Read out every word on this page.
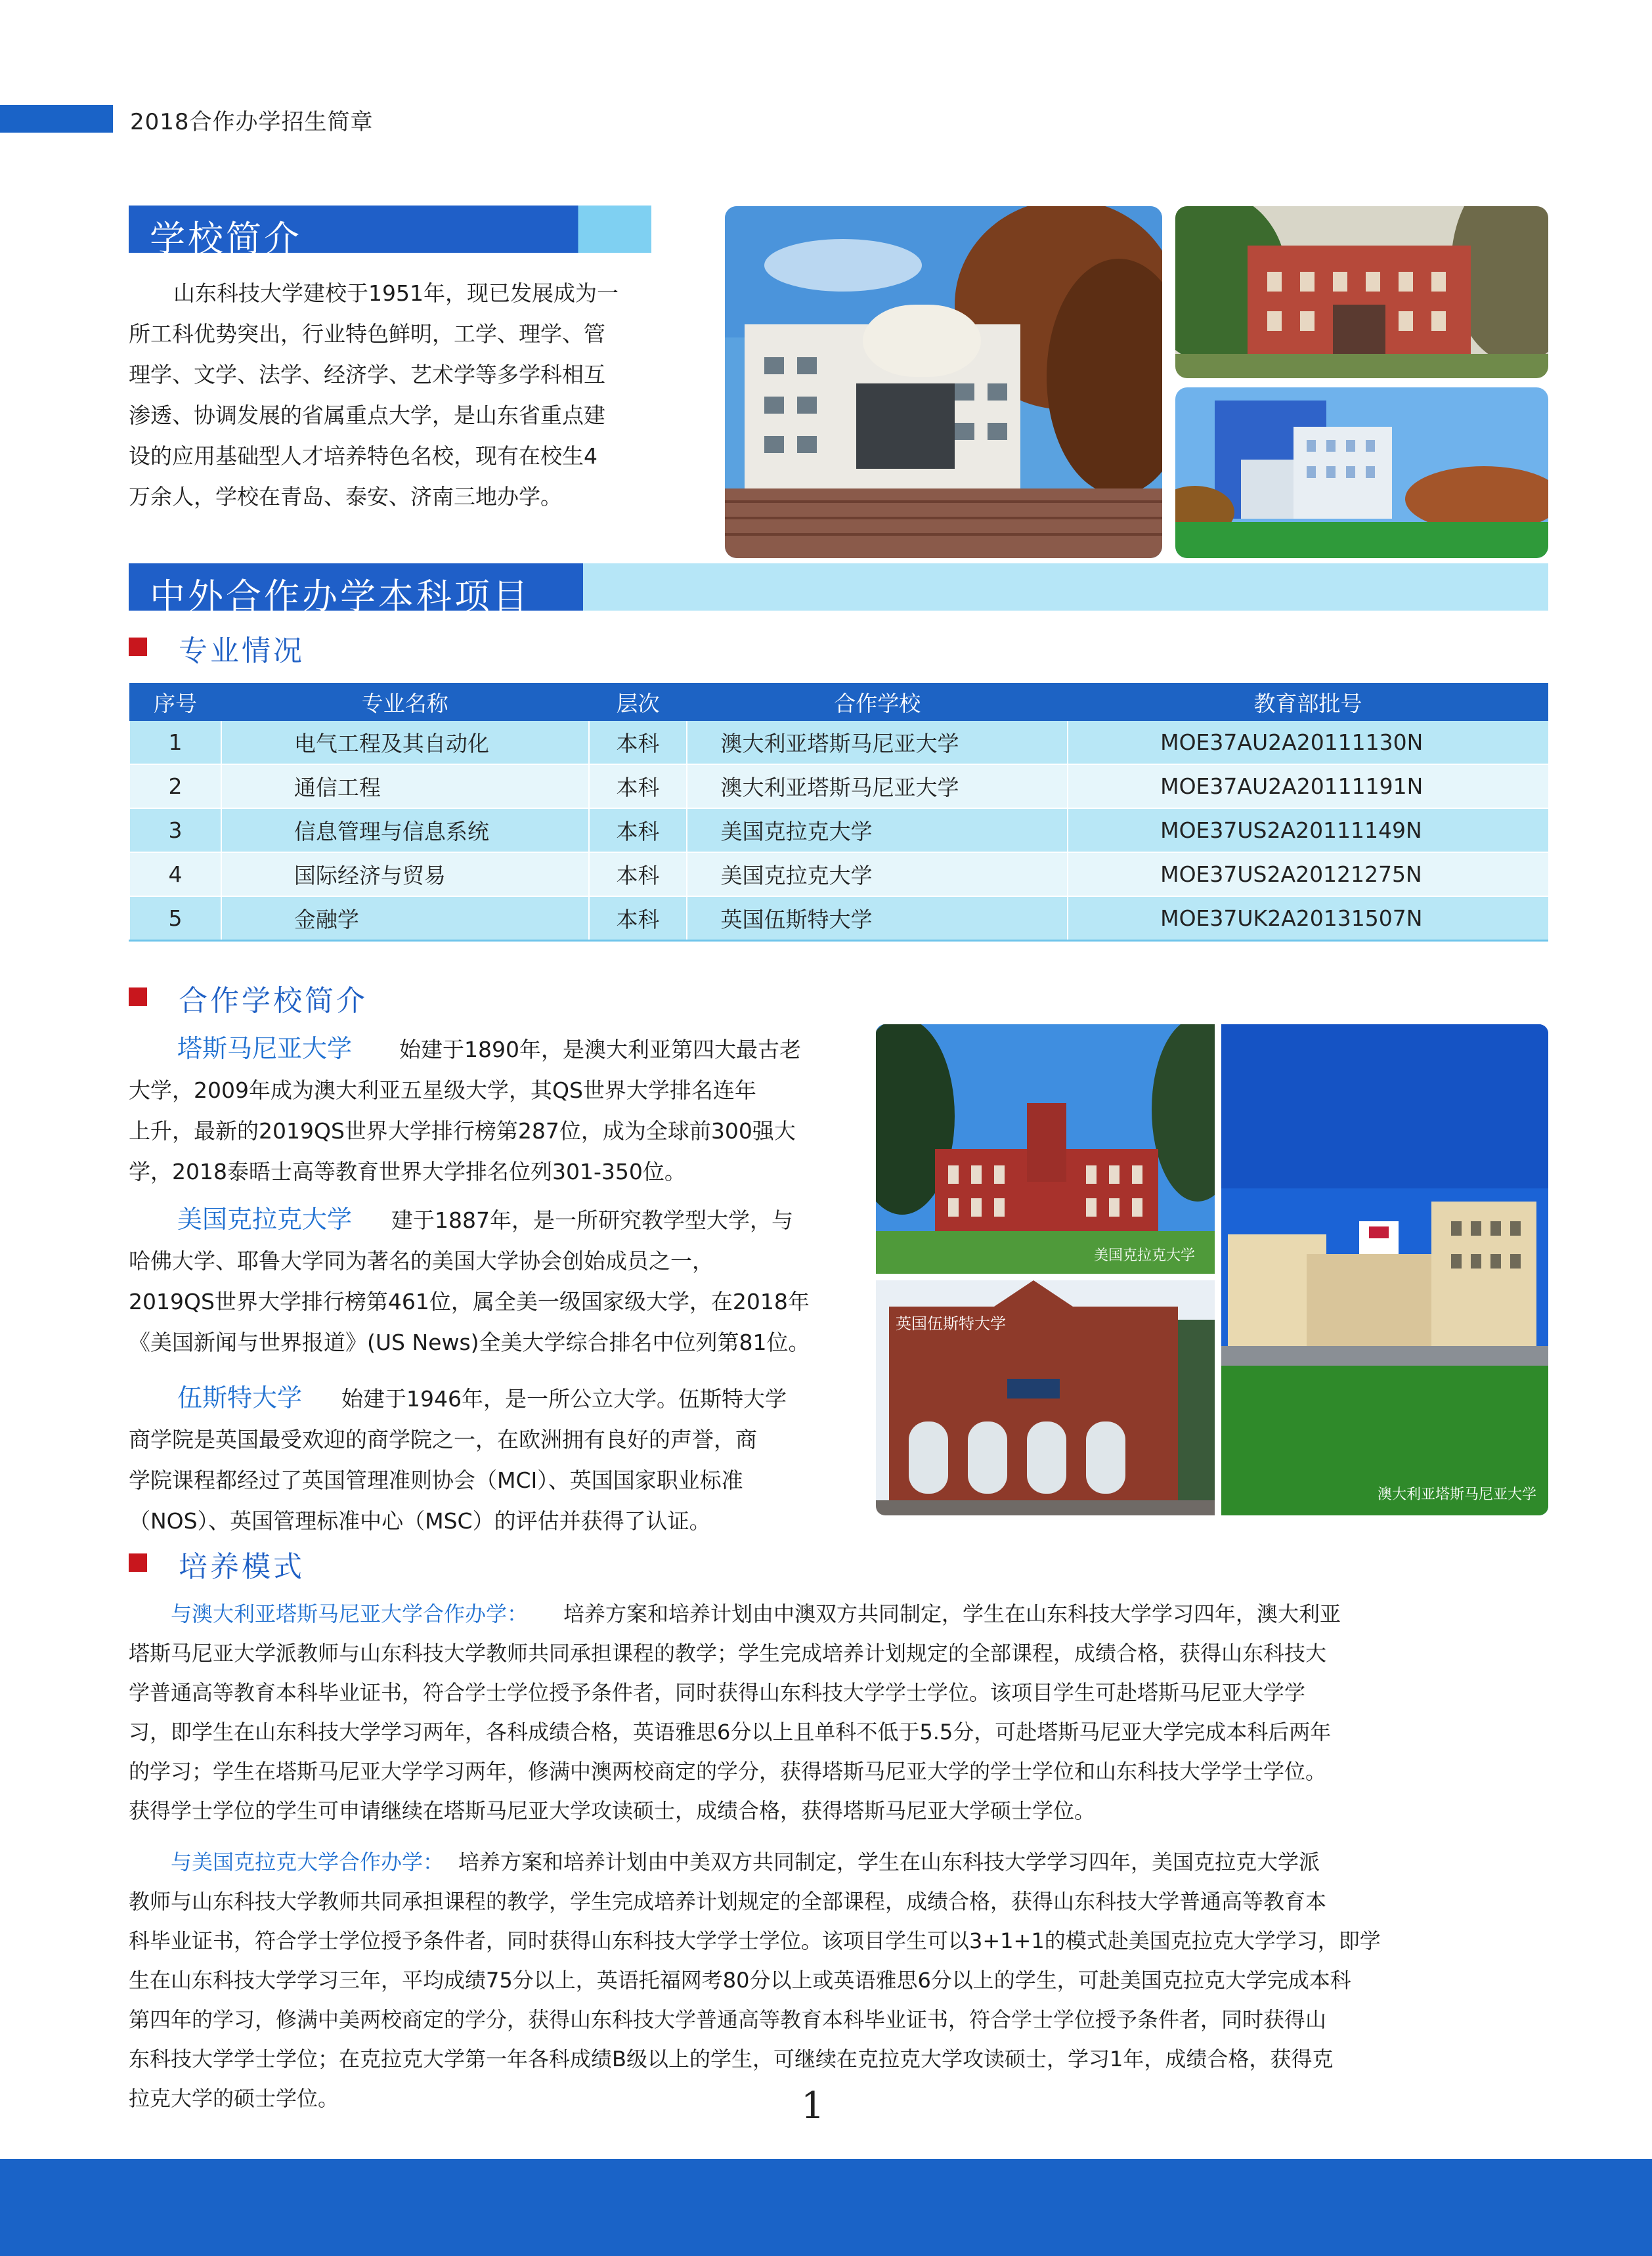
2018合作办学招生简章
学校简介

山东科技大学建校于1951年，现已发展成为一

所工科优势突出，行业特色鲜明，工学、理学、管

理学、文学、法学、经济学、艺术学等多学科相互

渗透、协调发展的省属重点大学，是山东省重点建

设的应用基础型人才培养特色名校，现有在校生4

万余人，学校在青岛、泰安、济南三地办学。

中外合作办学本科项目
专业情况
序号	专业名称	层次	合作学校	教育部批号
1	电气工程及其自动化	本科	澳大利亚塔斯马尼亚大学	MOE37AU2A20111130N
2	通信工程	本科	澳大利亚塔斯马尼亚大学	MOE37AU2A20111191N
3	信息管理与信息系统	本科	美国克拉克大学	MOE37US2A20111149N
4	国际经济与贸易	本科	美国克拉克大学	MOE37US2A20121275N
5	金融学	本科	英国伍斯特大学	MOE37UK2A20131507N
合作学校简介

塔斯马尼亚大学 始建于1890年，是澳大利亚第四大最古老

大学，2009年成为澳大利亚五星级大学，其QS世界大学排名连年

上升，最新的2019QS世界大学排行榜第287位，成为全球前300强大

学，2018泰晤士高等教育世界大学排名位列301-350位。

美国克拉克大学 建于1887年，是一所研究教学型大学，与

哈佛大学、耶鲁大学同为著名的美国大学协会创始成员之一，

2019QS世界大学排行榜第461位，属全美一级国家级大学，在2018年

《美国新闻与世界报道》(US News)全美大学综合排名中位列第81位。

伍斯特大学 始建于1946年，是一所公立大学。伍斯特大学

商学院是英国最受欢迎的商学院之一，在欧洲拥有良好的声誉，商

学院课程都经过了英国管理准则协会（MCI）、英国国家职业标准

（NOS）、英国管理标准中心（MSC）的评估并获得了认证。

美国克拉克大学
英国伍斯特大学
澳大利亚塔斯马尼亚大学
培养模式

与澳大利亚塔斯马尼亚大学合作办学： 培养方案和培养计划由中澳双方共同制定，学生在山东科技大学学习四年，澳大利亚

塔斯马尼亚大学派教师与山东科技大学教师共同承担课程的教学；学生完成培养计划规定的全部课程，成绩合格，获得山东科技大

学普通高等教育本科毕业证书，符合学士学位授予条件者，同时获得山东科技大学学士学位。该项目学生可赴塔斯马尼亚大学学

习，即学生在山东科技大学学习两年，各科成绩合格，英语雅思6分以上且单科不低于5.5分，可赴塔斯马尼亚大学完成本科后两年

的学习；学生在塔斯马尼亚大学学习两年，修满中澳两校商定的学分，获得塔斯马尼亚大学的学士学位和山东科技大学学士学位。

获得学士学位的学生可申请继续在塔斯马尼亚大学攻读硕士，成绩合格，获得塔斯马尼亚大学硕士学位。

与美国克拉克大学合作办学： 培养方案和培养计划由中美双方共同制定，学生在山东科技大学学习四年，美国克拉克大学派

教师与山东科技大学教师共同承担课程的教学，学生完成培养计划规定的全部课程，成绩合格，获得山东科技大学普通高等教育本

科毕业证书，符合学士学位授予条件者，同时获得山东科技大学学士学位。该项目学生可以3+1+1的模式赴美国克拉克大学学习，即学

生在山东科技大学学习三年，平均成绩75分以上，英语托福网考80分以上或英语雅思6分以上的学生，可赴美国克拉克大学完成本科

第四年的学习，修满中美两校商定的学分，获得山东科技大学普通高等教育本科毕业证书，符合学士学位授予条件者，同时获得山

东科技大学学士学位；在克拉克大学第一年各科成绩B级以上的学生，可继续在克拉克大学攻读硕士，学习1年，成绩合格，获得克

拉克大学的硕士学位。	1
